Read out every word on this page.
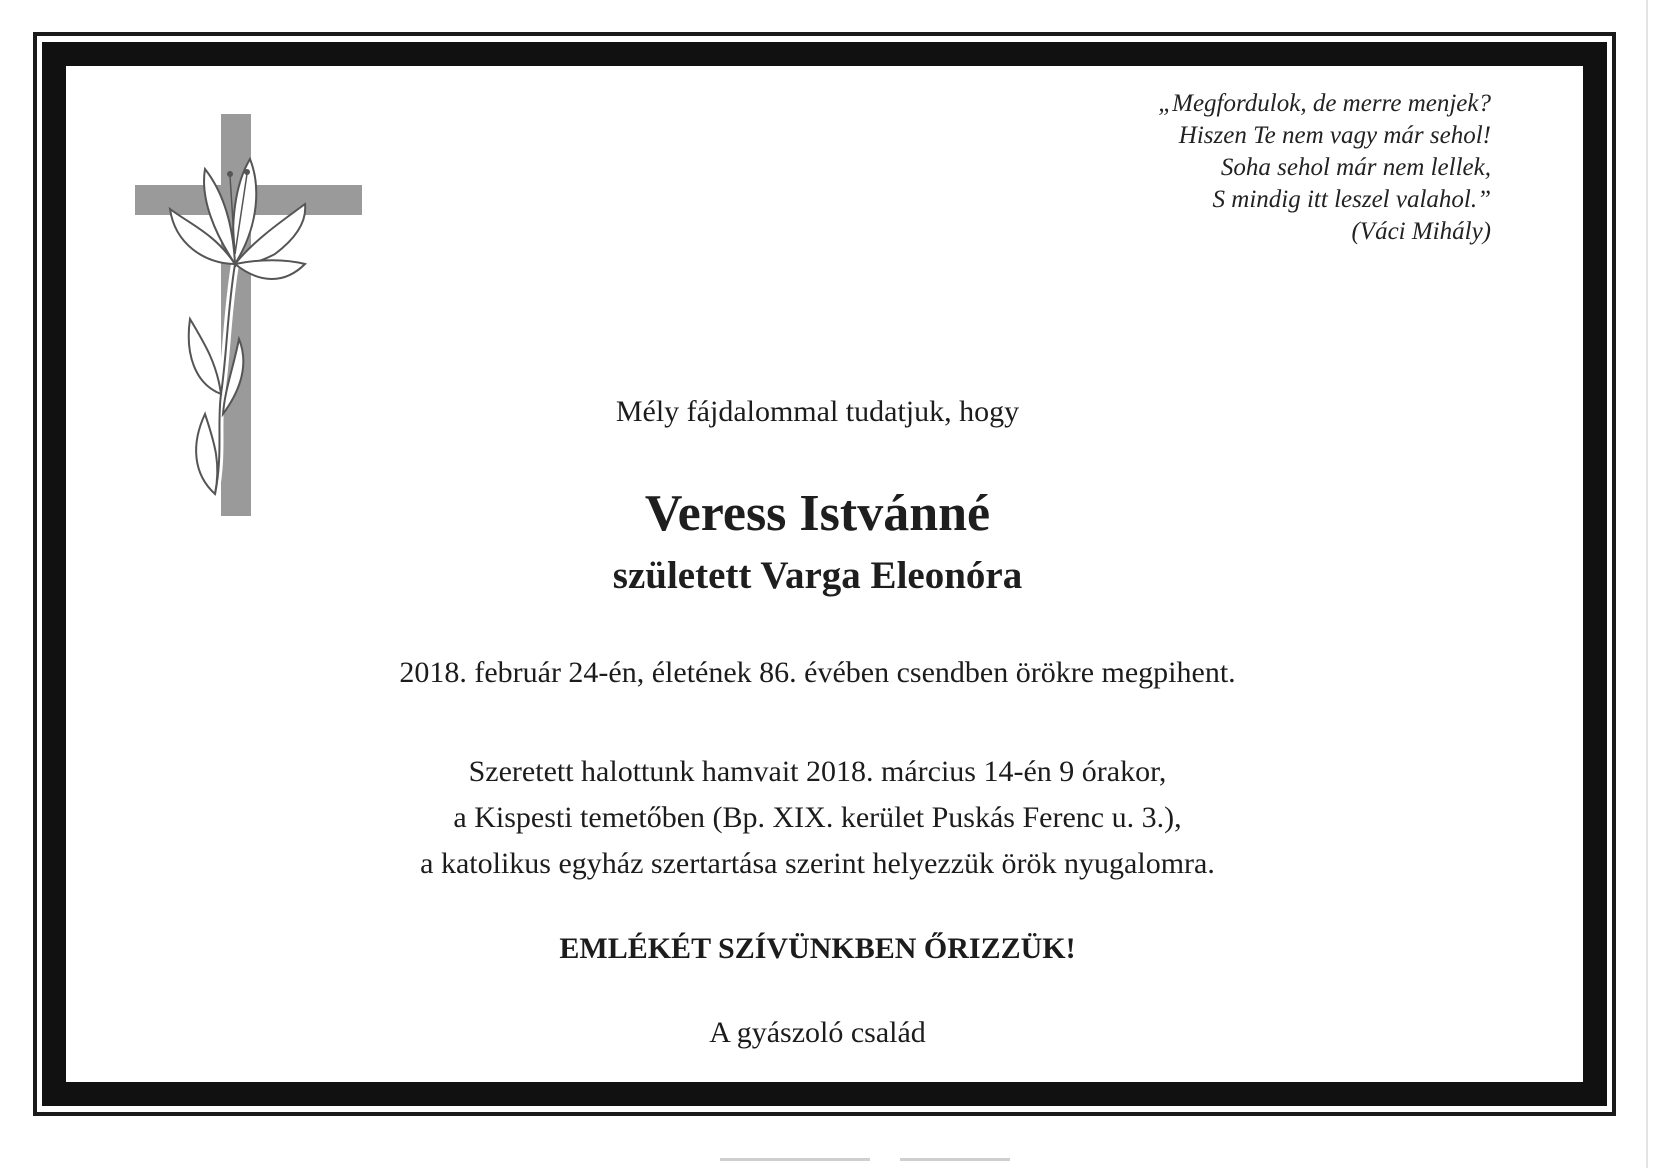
„Megfordulok, de merre menjek?
Hiszen Te nem vagy már sehol!
Soha sehol már nem lellek,
S mindig itt leszel valahol.”
(Váci Mihály)
Mély fájdalommal tudatjuk, hogy
Veress Istvánné
született Varga Eleonóra
2018. február 24-én, életének 86. évében csendben örökre megpihent.
Szeretett halottunk hamvait 2018. március 14-én 9 órakor,
a Kispesti temetőben (Bp. XIX. kerület Puskás Ferenc u. 3.),
a katolikus egyház szertartása szerint helyezzük örök nyugalomra.
EMLÉKÉT SZÍVÜNKBEN ŐRIZZÜK!
A gyászoló család
